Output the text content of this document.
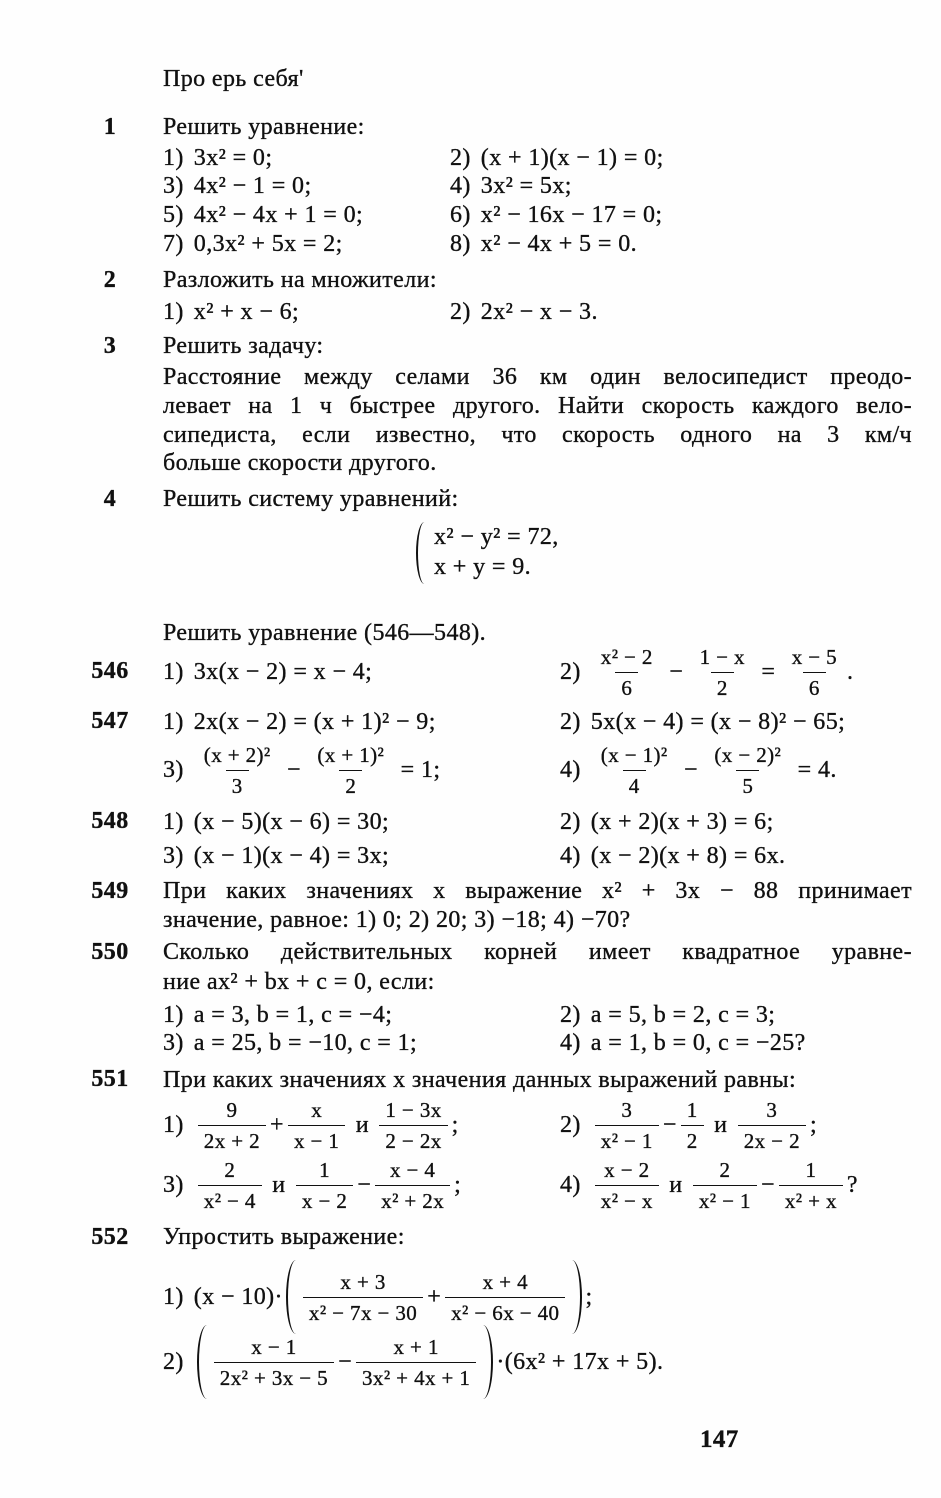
Про ерь себя'
1	Решить уравнение:
1) 3x² = 0;	2) (x + 1)(x − 1) = 0;
3) 4x² − 1 = 0;	4) 3x² = 5x;
5) 4x² − 4x + 1 = 0;	6) x² − 16x − 17 = 0;
7) 0,3x² + 5x = 2;	8) x² − 4x + 5 = 0.
2	Разложить на множители:
1) x² + x − 6;	2) 2x² − x − 3.
3	Решить задачу:
Расстояние между селами 36 км один велосипедист преодо-
левает на 1 ч быстрее другого. Найти скорость каждого вело-
сипедиста, если известно, что скорость одного на 3 км/ч
больше скорости другого.
4	Решить систему уравнений:
x² − y² = 72,
x + y = 9.
Решить уравнение (546—548).
546 1) 3x(x − 2) = x − 4;	$2) \frac{\text{x² − 2}}{6} - \frac{1 - x}{2} = \frac{x - 5}{6}$ .
547 1) 2x(x − 2) = (x + 1)² − 9;	2) 5x(x − 4) = (x − 8)² − 65;
$3) \frac{\text{(x + 2)²}}{3} - \frac{\text{(x + 1)²}}{2} = 1$;	$4) \frac{\text{(x − 1)²}}{4} - \frac{\text{(x − 2)²}}{5} = 4$.
548 1) (x − 5)(x − 6) = 30;	2) (x + 2)(x + 3) = 6;
3) (x − 1)(x − 4) = 3x;	4) (x − 2)(x + 8) = 6x.
549 При каких значениях x выражение x² + 3x − 88 принимает
значение, равное: 1) 0; 2) 20; 3) −18; 4) −70?
550 Сколько действительных корней имеет квадратное уравне-
ние ax² + bx + c = 0, если:
1) a = 3, b = 1, c = −4;	2) a = 5, b = 2, c = 3;
3) a = 25, b = −10, c = 1;	4) a = 1, b = 0, c = −25?
551 При каких значениях x значения данных выражений равны:
$1) \frac{9}{2x + 2} + \frac{x}{x - 1}$ и $\frac{1 - 3x}{2 - 2x}$ ;	$2) \frac{3}{\text{x² − 1}} - \frac{1}{2}$ и $\frac{3}{2x - 2}$ ;
$3) \frac{2}{\text{x² − 4}}$ и $\frac{1}{x - 2} - \frac{x - 4}{\text{x² + 2x}}$ ;	$4) \frac{x - 2}{\text{x² − x}}$ и $\frac{2}{\text{x² − 1}} - \frac{1}{\text{x² + x}}$ ?
552 Упростить выражение:
1) $(x - 10)\cdot \frac{x + 3}{\text{x² − 7x − 30}} + \frac{x + 4}{\text{x² − 6x − 40}}$ ;
$2) \frac{x - 1}{\text{2x² + 3x − 5}} - \frac{x + 1}{\text{3x² + 4x + 1}} \cdot(6x^2 + 17x + 5)$.
147
